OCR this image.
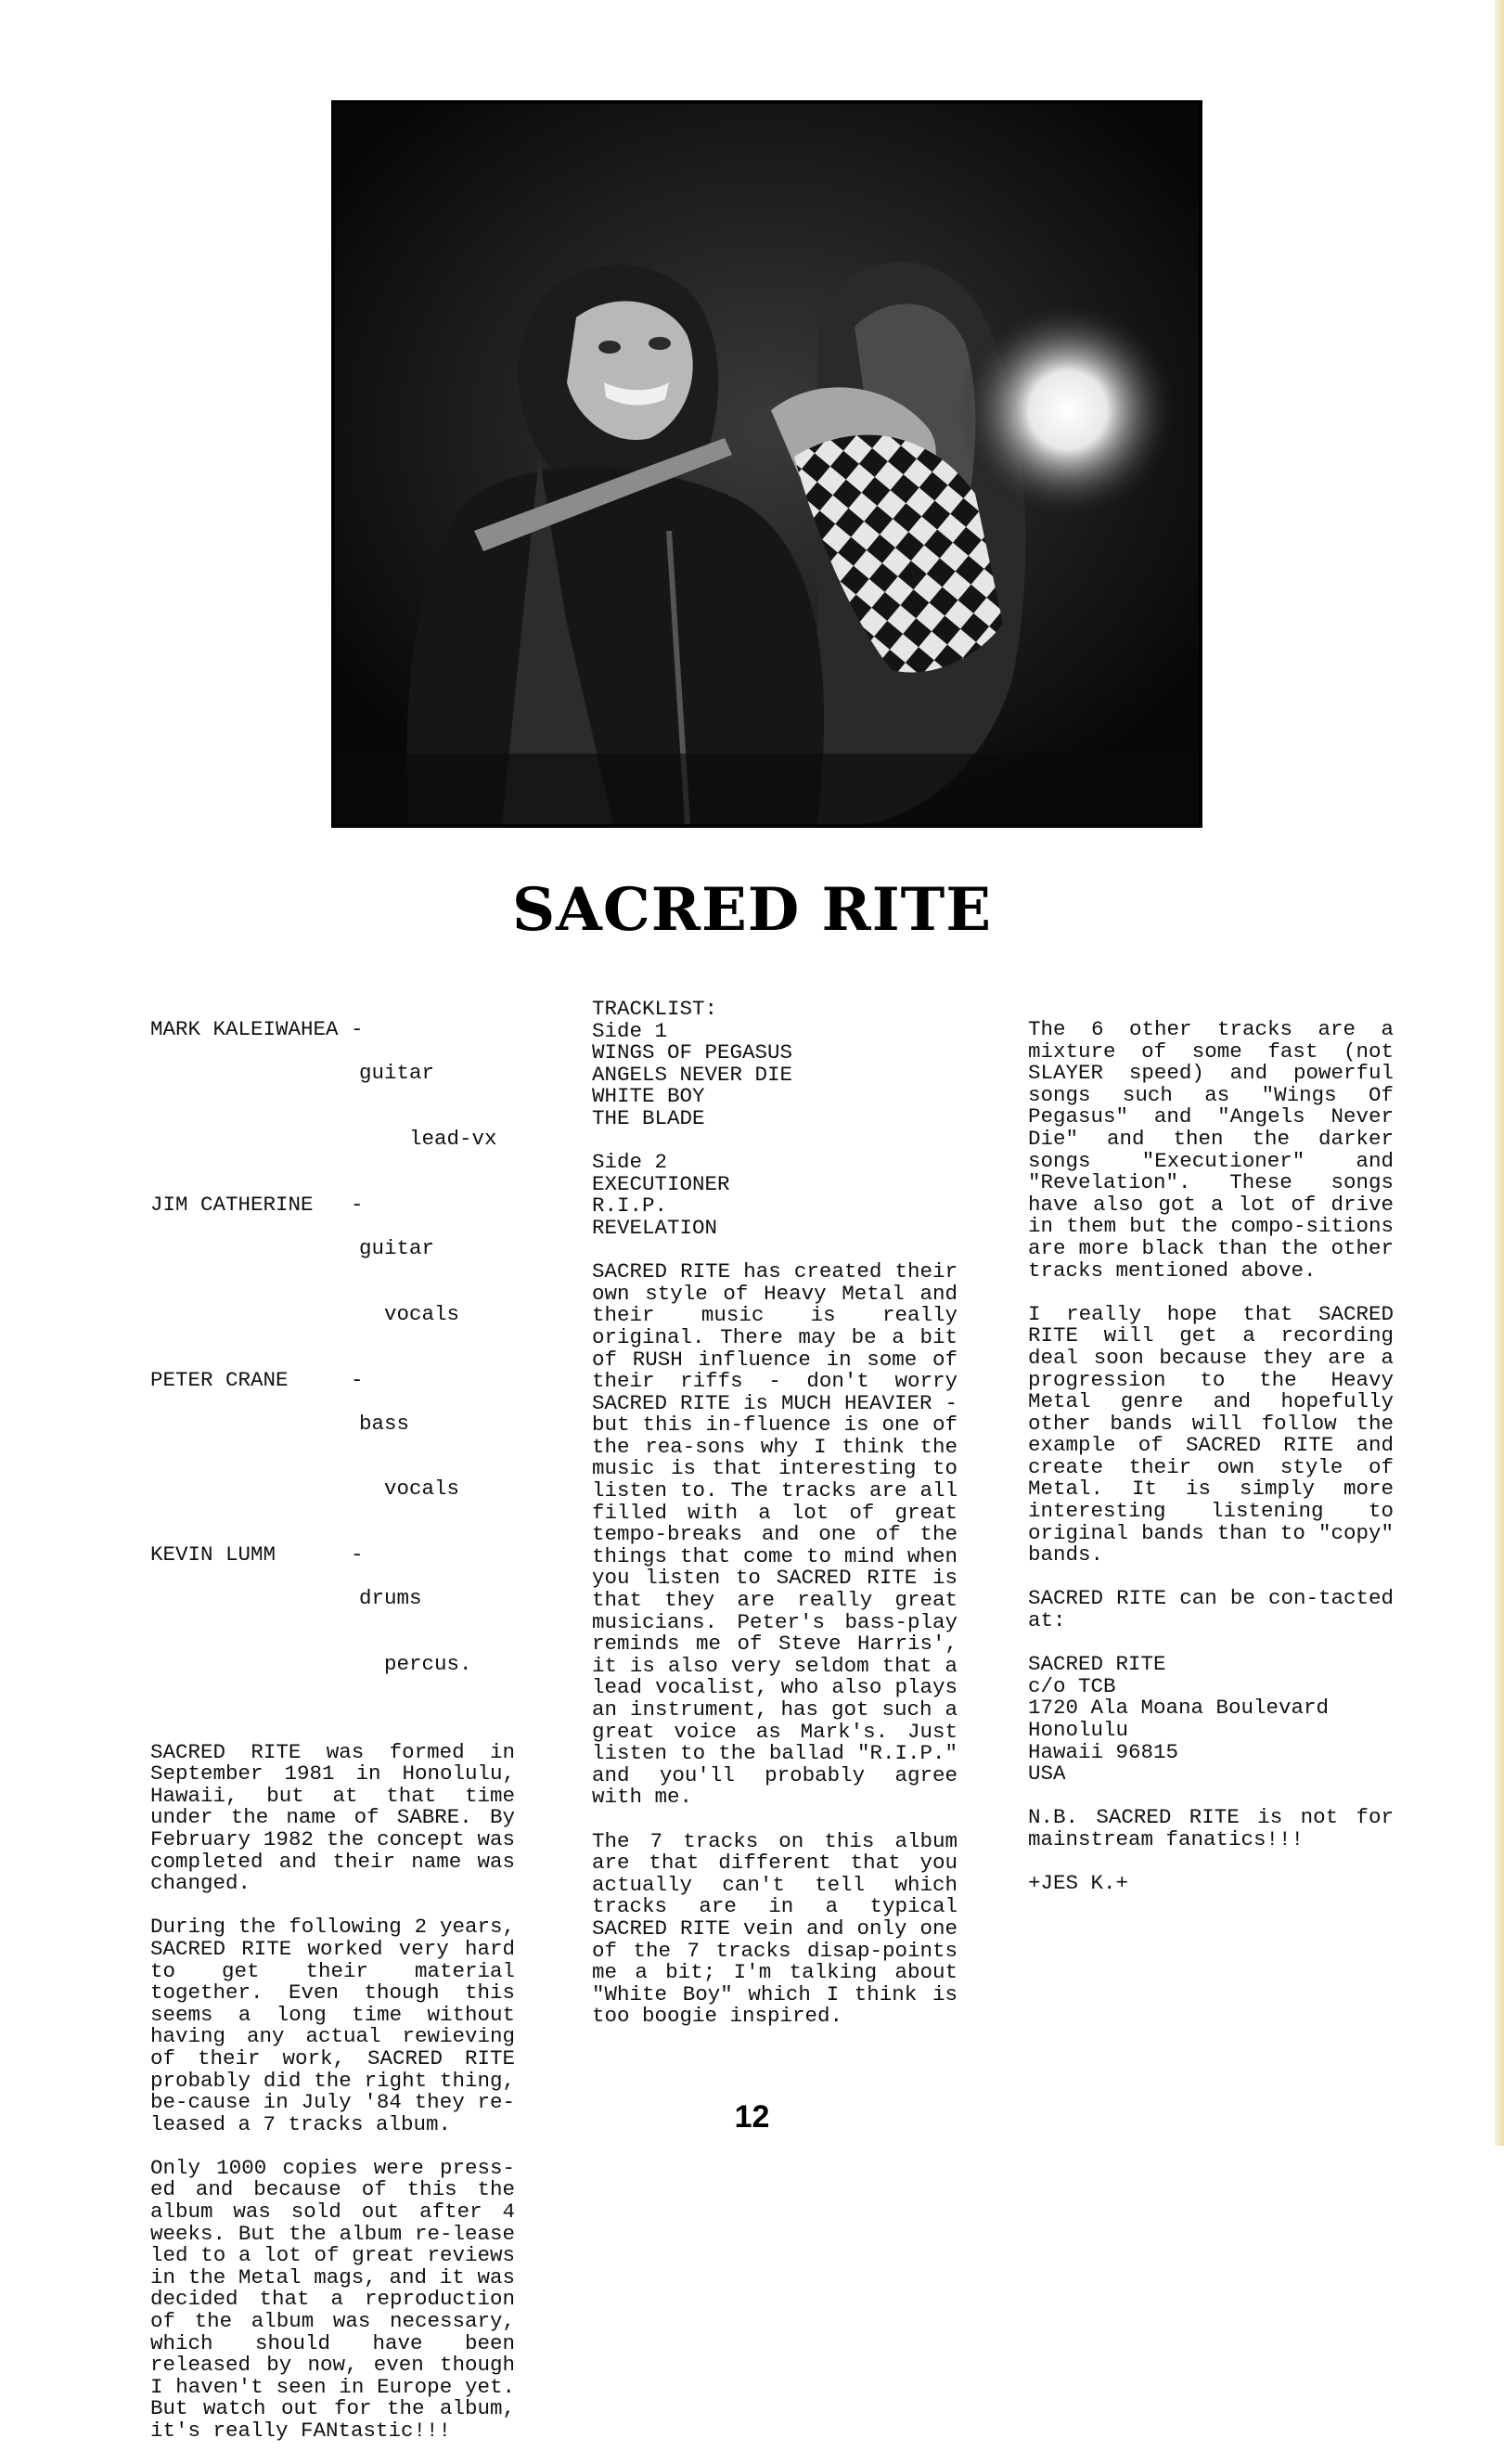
SACRED RITE
MARK KALEIWAHEA -

guitar

lead-vx

JIM CATHERINE   -

guitar

vocals

PETER CRANE     -

bass

vocals

KEVIN LUMM      -

drums

percus.

SACRED RITE was formed in September 1981 in Honolulu, Hawaii, but at that time under the name of SABRE. By February 1982 the concept was completed and their name was changed.

During the following 2 years, SACRED RITE worked very hard to get their material together. Even though this seems a long time without having any actual rewieving of their work, SACRED RITE probably did the right thing, be-cause in July '84 they re-leased a 7 tracks album.

Only 1000 copies were press-ed and because of this the album was sold out after 4 weeks. But the album re-lease led to a lot of great reviews in the Metal mags, and it was decided that a reproduction of the album was necessary, which should have been released by now, even though I haven't seen in Europe yet. But watch out for the album, it's really FANtastic!!!

TRACKLIST:
Side 1
WINGS OF PEGASUS
ANGELS NEVER DIE
WHITE BOY
THE BLADE

Side 2
EXECUTIONER
R.I.P.
REVELATION

SACRED RITE has created their own style of Heavy Metal and their music is really original. There may be a bit of RUSH influence in some of their riffs - don't worry SACRED RITE is MUCH HEAVIER - but this in-fluence is one of the rea-sons why I think the music is that interesting to listen to. The tracks are all filled with a lot of great tempo-breaks and one of the things that come to mind when you listen to SACRED RITE is that they are really great musicians. Peter's bass-play reminds me of Steve Harris', it is also very seldom that a lead vocalist, who also plays an instrument, has got such a great voice as Mark's. Just listen to the ballad "R.I.P." and you'll probably agree with me.

The 7 tracks on this album are that different that you actually can't tell which tracks are in a typical SACRED RITE vein and only one of the 7 tracks disap-points me a bit; I'm talking about "White Boy" which I think is too boogie inspired.

The 6 other tracks are a mixture of some fast (not SLAYER speed) and powerful songs such as "Wings Of Pegasus" and "Angels Never Die" and then the darker songs "Executioner" and "Revelation". These songs have also got a lot of drive in them but the compo-sitions are more black than the other tracks mentioned above.

I really hope that SACRED RITE will get a recording deal soon because they are a progression to the Heavy Metal genre and hopefully other bands will follow the example of SACRED RITE and create their own style of Metal. It is simply more interesting listening to original bands than to "copy" bands.

SACRED RITE can be con-tacted at:

SACRED RITE
c/o TCB
1720 Ala Moana Boulevard
Honolulu
Hawaii 96815
USA

N.B. SACRED RITE is not for mainstream fanatics!!!

+JES K.+

12
